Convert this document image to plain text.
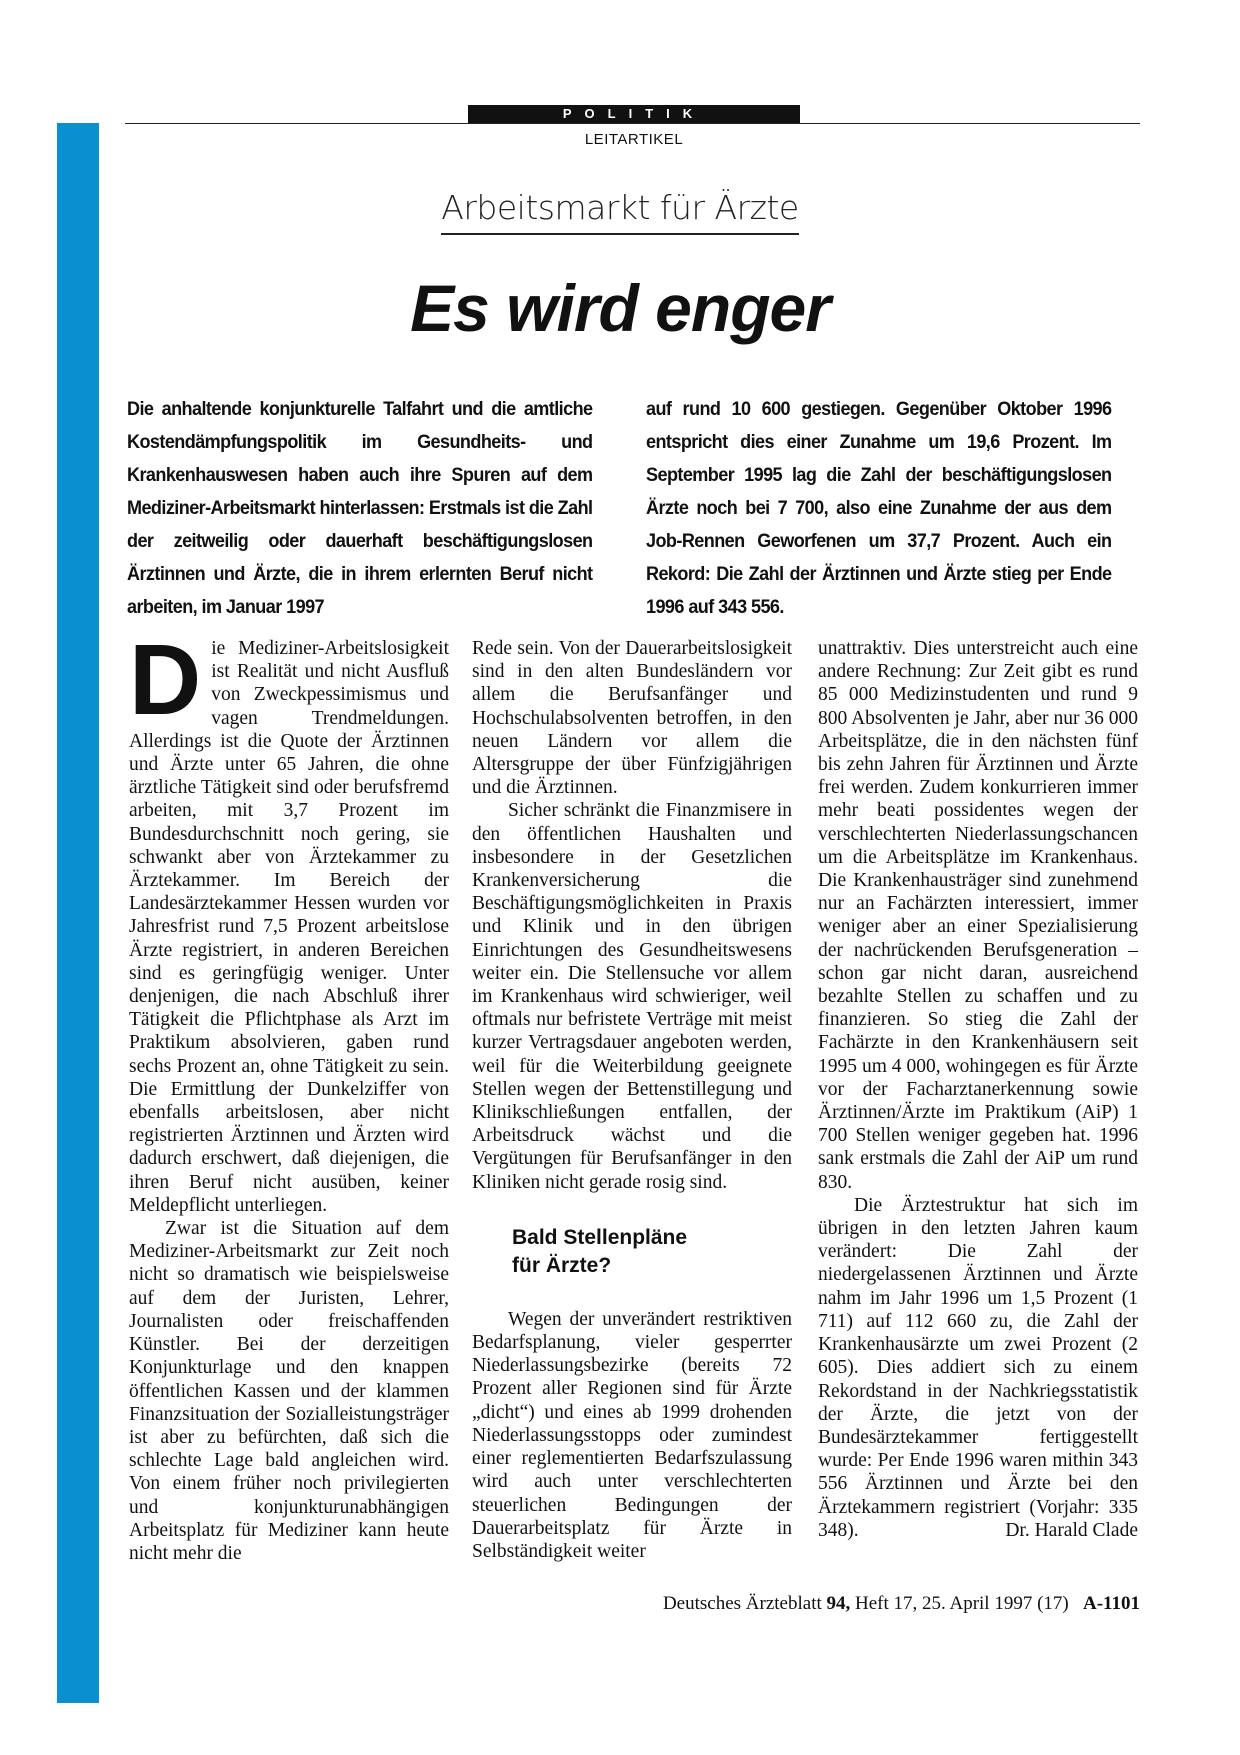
POLITIK
LEITARTIKEL
Arbeitsmarkt für Ärzte
Es wird enger
Die anhaltende konjunkturelle Talfahrt und die amtliche Kostendämpfungspolitik im Gesundheits- und Krankenhauswesen haben auch ihre Spuren auf dem Mediziner-Arbeitsmarkt hinterlassen: Erstmals ist die Zahl der zeitweilig oder dauerhaft beschäftigungslosen Ärztinnen und Ärzte, die in ihrem erlernten Beruf nicht arbeiten, im Januar 1997
auf rund 10 600 gestiegen. Gegenüber Oktober 1996 entspricht dies einer Zunahme um 19,6 Prozent. Im September 1995 lag die Zahl der beschäftigungslosen Ärzte noch bei 7 700, also eine Zunahme der aus dem Job-Rennen Geworfenen um 37,7 Prozent. Auch ein Rekord: Die Zahl der Ärztinnen und Ärzte stieg per Ende 1996 auf 343 556.

Die Mediziner-Arbeitslosigkeit ist Realität und nicht Ausfluß von Zweckpessimismus und vagen Trendmeldungen. Allerdings ist die Quote der Ärztinnen und Ärzte unter 65 Jahren, die ohne ärztliche Tätigkeit sind oder berufsfremd arbeiten, mit 3,7 Prozent im Bundesdurchschnitt noch gering, sie schwankt aber von Ärztekammer zu Ärztekammer. Im Bereich der Landesärztekammer Hessen wurden vor Jahresfrist rund 7,5 Prozent arbeitslose Ärzte registriert, in anderen Bereichen sind es geringfügig weniger. Unter denjenigen, die nach Abschluß ihrer Tätigkeit die Pflichtphase als Arzt im Praktikum absolvieren, gaben rund sechs Prozent an, ohne Tätigkeit zu sein. Die Ermittlung der Dunkelziffer von ebenfalls arbeitslosen, aber nicht registrierten Ärztinnen und Ärzten wird dadurch erschwert, daß diejenigen, die ihren Beruf nicht ausüben, keiner Meldepflicht unterliegen.

Zwar ist die Situation auf dem Mediziner-Arbeitsmarkt zur Zeit noch nicht so dramatisch wie beispielsweise auf dem der Juristen, Lehrer, Journalisten oder freischaffenden Künstler. Bei der derzeitigen Konjunkturlage und den knappen öffentlichen Kassen und der klammen Finanzsituation der Sozialleistungsträger ist aber zu befürchten, daß sich die schlechte Lage bald angleichen wird. Von einem früher noch privilegierten und konjunkturunabhängigen Arbeitsplatz für Mediziner kann heute nicht mehr die

Rede sein. Von der Dauerarbeitslosigkeit sind in den alten Bundesländern vor allem die Berufsanfänger und Hochschulabsolventen betroffen, in den neuen Ländern vor allem die Altersgruppe der über Fünfzigjährigen und die Ärztinnen.

Sicher schränkt die Finanzmisere in den öffentlichen Haushalten und insbesondere in der Gesetzlichen Krankenversicherung die Beschäftigungsmöglichkeiten in Praxis und Klinik und in den übrigen Einrichtungen des Gesundheitswesens weiter ein. Die Stellensuche vor allem im Krankenhaus wird schwieriger, weil oftmals nur befristete Verträge mit meist kurzer Vertragsdauer angeboten werden, weil für die Weiterbildung geeignete Stellen wegen der Bettenstillegung und Klinikschließungen entfallen, der Arbeitsdruck wächst und die Vergütungen für Berufsanfänger in den Kliniken nicht gerade rosig sind.

Bald Stellenpläne
für Ärzte?

Wegen der unverändert restriktiven Bedarfsplanung, vieler gesperrter Niederlassungsbezirke (bereits 72 Prozent aller Regionen sind für Ärzte „dicht“) und eines ab 1999 drohenden Niederlassungsstopps oder zumindest einer reglementierten Bedarfszulassung wird auch unter verschlechterten steuerlichen Bedingungen der Dauerarbeitsplatz für Ärzte in Selbständigkeit weiter

unattraktiv. Dies unterstreicht auch eine andere Rechnung: Zur Zeit gibt es rund 85 000 Medizinstudenten und rund 9 800 Absolventen je Jahr, aber nur 36 000 Arbeitsplätze, die in den nächsten fünf bis zehn Jahren für Ärztinnen und Ärzte frei werden. Zudem konkurrieren immer mehr beati possidentes wegen der verschlechterten Niederlassungschancen um die Arbeitsplätze im Krankenhaus. Die Krankenhausträger sind zunehmend nur an Fachärzten interessiert, immer weniger aber an einer Spezialisierung der nachrückenden Berufsgeneration – schon gar nicht daran, ausreichend bezahlte Stellen zu schaffen und zu finanzieren. So stieg die Zahl der Fachärzte in den Krankenhäusern seit 1995 um 4 000, wohingegen es für Ärzte vor der Facharztanerkennung sowie Ärztinnen/Ärzte im Praktikum (AiP) 1 700 Stellen weniger gegeben hat. 1996 sank erstmals die Zahl der AiP um rund 830.

Die Ärztestruktur hat sich im übrigen in den letzten Jahren kaum verändert: Die Zahl der niedergelassenen Ärztinnen und Ärzte nahm im Jahr 1996 um 1,5 Prozent (1 711) auf 112 660 zu, die Zahl der Krankenhausärzte um zwei Prozent (2 605). Dies addiert sich zu einem Rekordstand in der Nachkriegsstatistik der Ärzte, die jetzt von der Bundesärztekammer fertiggestellt wurde: Per Ende 1996 waren mithin 343 556 Ärztinnen und Ärzte bei den Ärztekammern registriert (Vorjahr: 335 348).	Dr. Harald Clade

Deutsches Ärzteblatt 94, Heft 17, 25. April 1997 (17) A-1101
